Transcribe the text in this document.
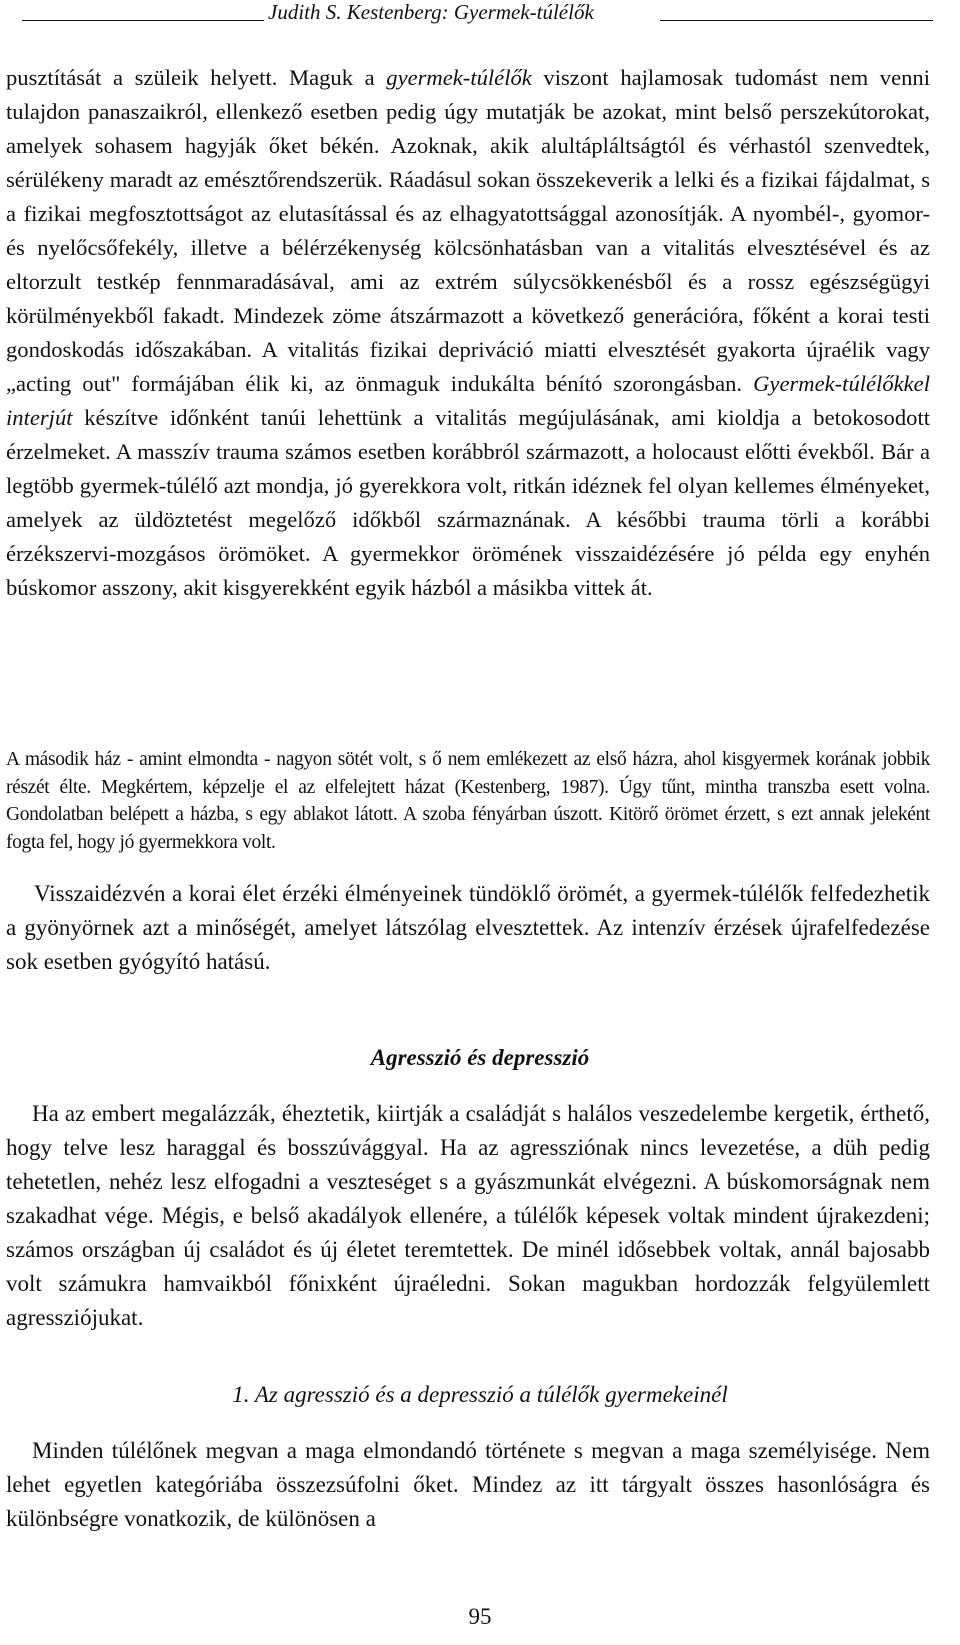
Judith S. Kestenberg: Gyermek-túlélők

pusztítását a szüleik helyett. Maguk a gyermek-túlélők viszont hajlamosak tudomást nem venni tulajdon panaszaikról, ellenkező esetben pedig úgy mutatják be azokat, mint belső perszekútorokat, amelyek sohasem hagyják őket békén. Azoknak, akik alultápláltságtól és vérhastól szenvedtek, sérülékeny maradt az emésztőrendszerük. Ráadásul sokan összekeverik a lelki és a fizikai fájdalmat, s a fizikai megfosztottságot az elutasítással és az elhagyatottsággal azonosítják. A nyombél-, gyomor- és nyelőcsőfekély, illetve a bélérzékenység kölcsönhatásban van a vitalitás elvesztésével és az eltorzult testkép fennmaradásával, ami az extrém súlycsökkenésből és a rossz egészségügyi körülményekből fakadt. Mindezek zöme átszármazott a következő generációra, főként a korai testi gondoskodás időszakában. A vitalitás fizikai depriváció miatti elvesztését gyakorta újraélik vagy „acting out" formájában élik ki, az önmaguk indukálta bénító szorongásban. Gyermek-túlélőkkel interjút készítve időnként tanúi lehettünk a vitalitás megújulásának, ami kioldja a betokosodott érzelmeket. A masszív trauma számos esetben korábbról származott, a holocaust előtti évekből. Bár a legtöbb gyermek-túlélő azt mondja, jó gyerekkora volt, ritkán idéznek fel olyan kellemes élményeket, amelyek az üldöztetést megelőző időkből származnának. A későbbi trauma törli a korábbi érzékszervi-mozgásos örömöket. A gyermekkor örömének visszaidézésére jó példa egy enyhén búskomor asszony, akit kisgyerekként egyik házból a másikba vittek át.

A második ház - amint elmondta - nagyon sötét volt, s ő nem emlékezett az első házra, ahol kisgyermek korának jobbik részét élte. Megkértem, képzelje el az elfelejtett házat (Kestenberg, 1987). Úgy tűnt, mintha transzba esett volna. Gondolatban belépett a házba, s egy ablakot látott. A szoba fényárban úszott. Kitörő örömet érzett, s ezt annak jeleként fogta fel, hogy jó gyermekkora volt.

Visszaidézvén a korai élet érzéki élményeinek tündöklő örömét, a gyermek-túlélők felfedezhetik a gyönyörnek azt a minőségét, amelyet látszólag elvesztettek. Az intenzív érzések újrafelfedezése sok esetben gyógyító hatású.

Agresszió és depresszió

Ha az embert megalázzák, éheztetik, kiirtják a családját s halálos veszedelembe kergetik, érthető, hogy telve lesz haraggal és bosszúvággyal. Ha az agressziónak nincs levezetése, a düh pedig tehetetlen, nehéz lesz elfogadni a veszteséget s a gyászmunkát elvégezni. A búskomorságnak nem szakadhat vége. Mégis, e belső akadályok ellenére, a túlélők képesek voltak mindent újrakezdeni; számos országban új családot és új életet teremtettek. De minél idősebbek voltak, annál bajosabb volt számukra hamvaikból főnixként újraéledni. Sokan magukban hordozzák felgyülemlett agressziójukat.

1. Az agresszió és a depresszió a túlélők gyermekeinél

Minden túlélőnek megvan a maga elmondandó története s megvan a maga személyisége. Nem lehet egyetlen kategóriába összezsúfolni őket. Mindez az itt tárgyalt összes hasonlóságra és különbségre vonatkozik, de különösen a

95
